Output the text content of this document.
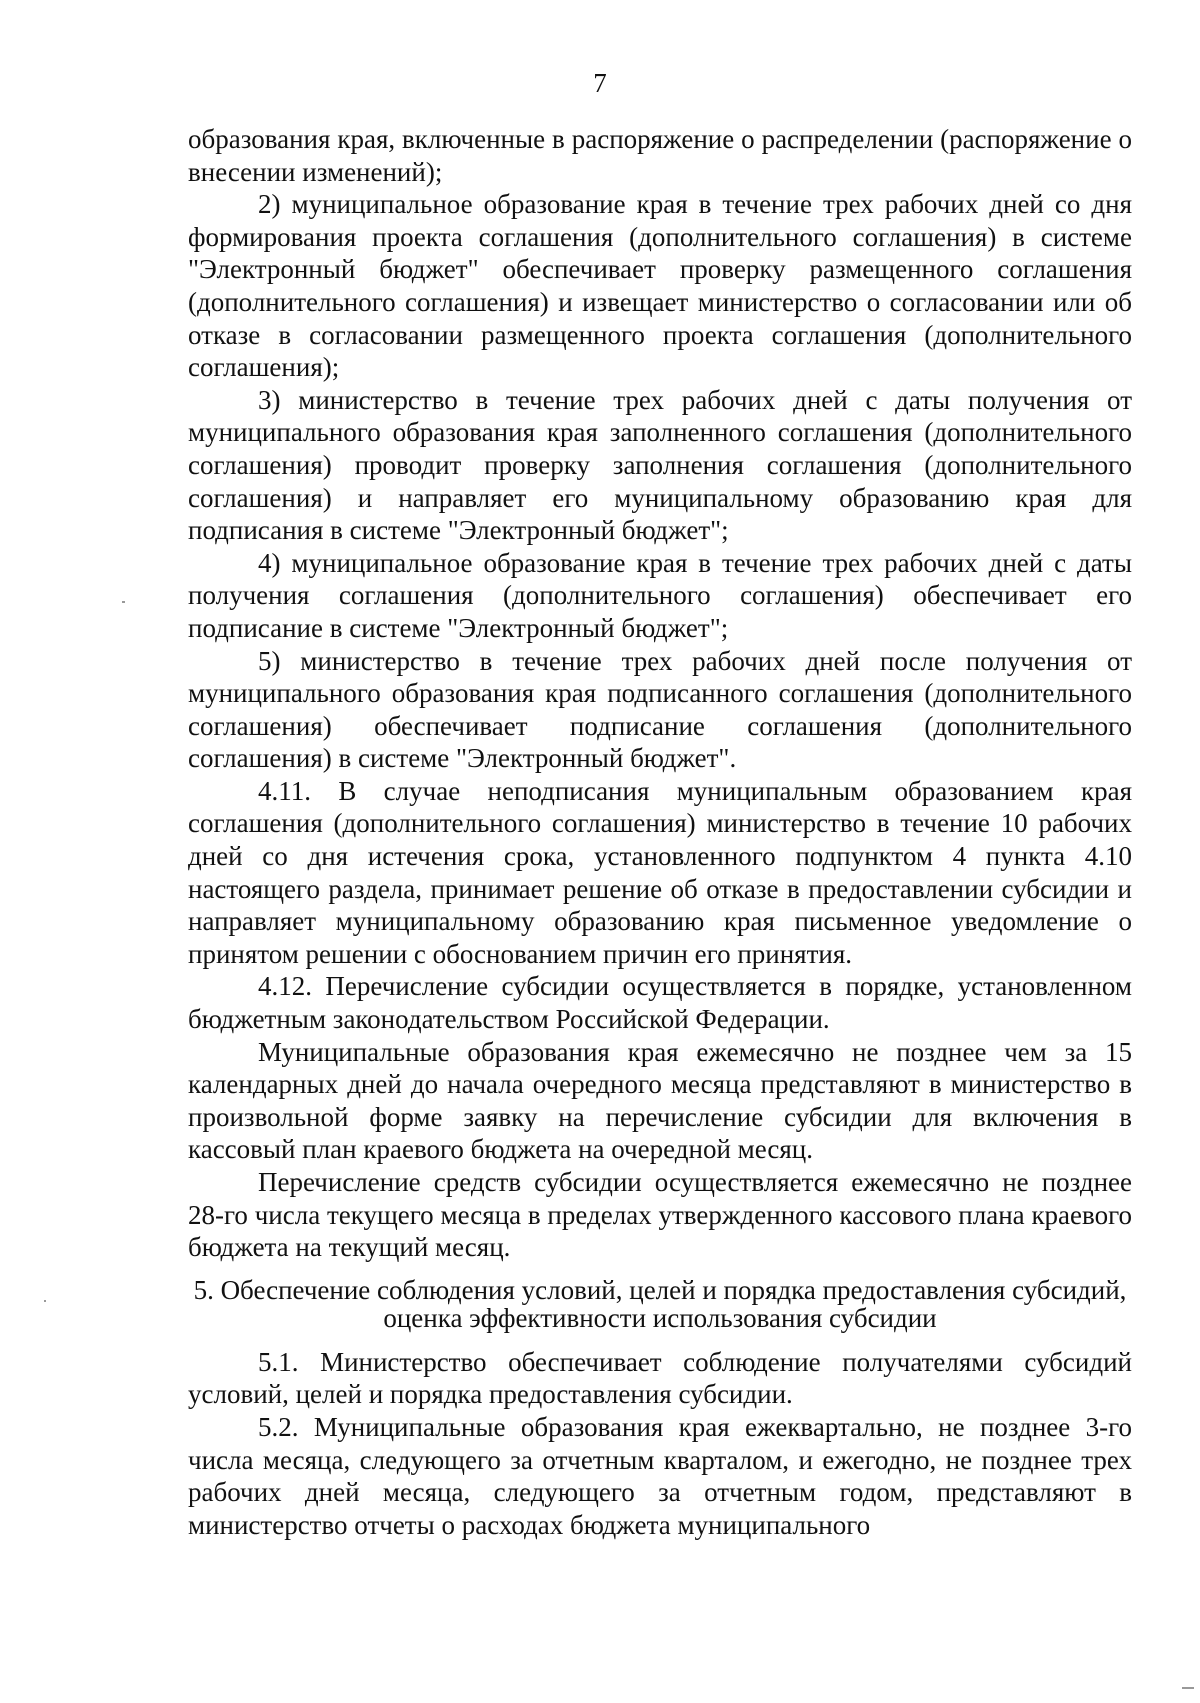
7

образования края, включенные в распоряжение о распределении (распоряжение о внесении изменений);

2) муниципальное образование края в течение трех рабочих дней со дня формирования проекта соглашения (дополнительного соглашения) в системе "Электронный бюджет" обеспечивает проверку размещенного соглашения (дополнительного соглашения) и извещает министерство о согласовании или об отказе в согласовании размещенного проекта соглашения (дополнительного соглашения);

3) министерство в течение трех рабочих дней с даты получения от муниципального образования края заполненного соглашения (дополнительного соглашения) проводит проверку заполнения соглашения (дополнительного соглашения) и направляет его муниципальному образованию края для подписания в системе "Электронный бюджет";

4) муниципальное образование края в течение трех рабочих дней с даты получения соглашения (дополнительного соглашения) обеспечивает его подписание в системе "Электронный бюджет";

5) министерство в течение трех рабочих дней после получения от муниципального образования края подписанного соглашения (дополнительного соглашения) обеспечивает подписание соглашения (дополнительного соглашения) в системе "Электронный бюджет".

4.11. В случае неподписания муниципальным образованием края соглашения (дополнительного соглашения) министерство в течение 10 рабочих дней со дня истечения срока, установленного подпунктом 4 пункта 4.10 настоящего раздела, принимает решение об отказе в предоставлении субсидии и направляет муниципальному образованию края письменное уведомление о принятом решении с обоснованием причин его принятия.

4.12. Перечисление субсидии осуществляется в порядке, установленном бюджетным законодательством Российской Федерации.

Муниципальные образования края ежемесячно не позднее чем за 15 календарных дней до начала очередного месяца представляют в министерство в произвольной форме заявку на перечисление субсидии для включения в кассовый план краевого бюджета на очередной месяц.

Перечисление средств субсидии осуществляется ежемесячно не позднее 28-го числа текущего месяца в пределах утвержденного кассового плана краевого бюджета на текущий месяц.

5. Обеспечение соблюдения условий, целей и порядка предоставления субсидий, оценка эффективности использования субсидии

5.1. Министерство обеспечивает соблюдение получателями субсидий условий, целей и порядка предоставления субсидии.

5.2. Муниципальные образования края ежеквартально, не позднее 3-го числа месяца, следующего за отчетным кварталом, и ежегодно, не позднее трех рабочих дней месяца, следующего за отчетным годом, представляют в министерство отчеты о расходах бюджета муниципального
